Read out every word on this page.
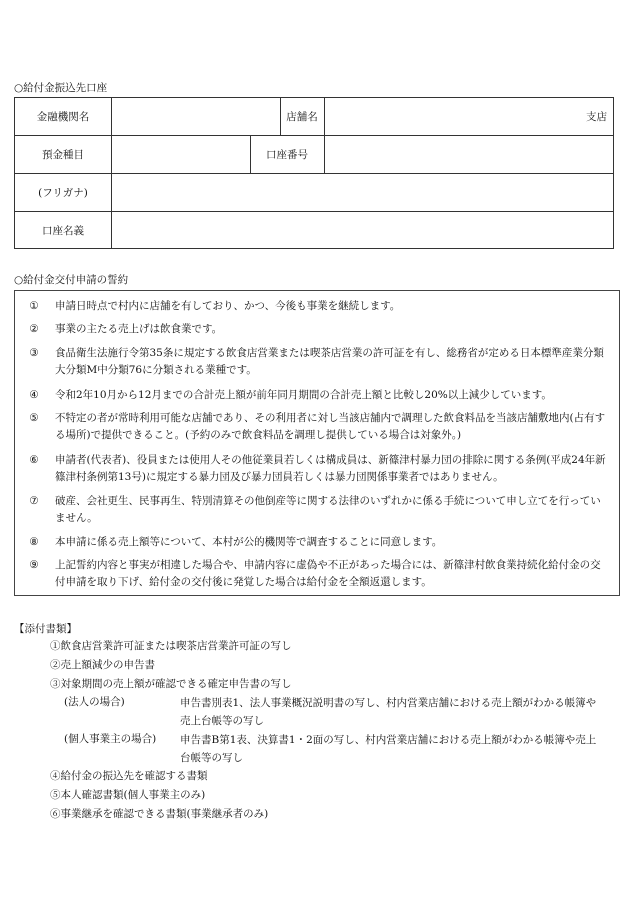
○給付金振込先口座
金融機関名	店舗名	支店
預金種目	口座番号
(フリガナ)
口座名義
○給付金交付申請の誓約
①	申請日時点で村内に店舗を有しており、かつ、今後も事業を継続します。
②	事業の主たる売上げは飲食業です。
③	食品衛生法施行令第35条に規定する飲食店営業または喫茶店営業の許可証を有し、総務省が定める日本標準産業分類大分類M中分類76に分類される業種です。
④	令和2年10月から12月までの合計売上額が前年同月期間の合計売上額と比較し20%以上減少しています。
⑤	不特定の者が常時利用可能な店舗であり、その利用者に対し当該店舗内で調理した飲食料品を当該店舗敷地内(占有する場所)で提供できること。(予約のみで飲食料品を調理し提供している場合は対象外。)
⑥	申請者(代表者)、役員または使用人その他従業員若しくは構成員は、新篠津村暴力団の排除に関する条例(平成24年新篠津村条例第13号)に規定する暴力団及び暴力団員若しくは暴力団関係事業者ではありません。
⑦	破産、会社更生、民事再生、特別清算その他倒産等に関する法律のいずれかに係る手続について申し立てを行っていません。
⑧	本申請に係る売上額等について、本村が公的機関等で調査することに同意します。
⑨	上記誓約内容と事実が相違した場合や、申請内容に虚偽や不正があった場合には、新篠津村飲食業持続化給付金の交付申請を取り下げ、給付金の交付後に発覚した場合は給付金を全額返還します。
【添付書類】
①飲食店営業許可証または喫茶店営業許可証の写し
②売上額減少の申告書
③対象期間の売上額が確認できる確定申告書の写し
(法人の場合)	申告書別表1、法人事業概況説明書の写し、村内営業店舗における売上額がわかる帳簿や売上台帳等の写し
(個人事業主の場合) 申告書B第1表、決算書1・2面の写し、村内営業店舗における売上額がわかる帳簿や売上台帳等の写し
④給付金の振込先を確認する書類
⑤本人確認書類(個人事業主のみ)
⑥事業継承を確認できる書類(事業継承者のみ)
